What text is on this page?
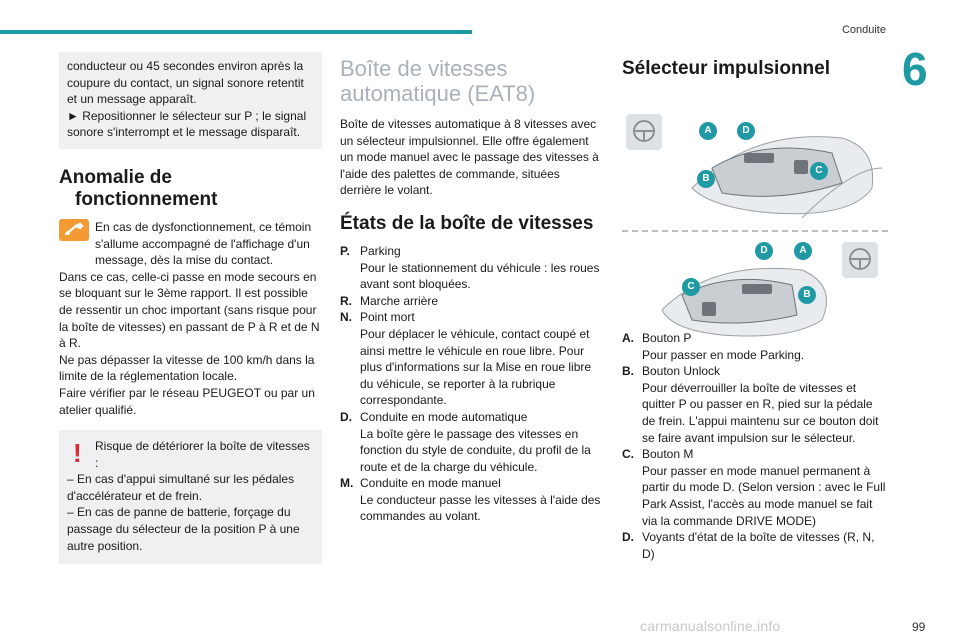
Conduite
6

conducteur ou 45 secondes environ après la coupure du contact, un signal sonore retentit et un message apparaît.

► Repositionner le sélecteur sur P ; le signal sonore s'interrompt et le message disparaît.

Anomalie de
fonctionnement

En cas de dysfonctionnement, ce témoin s'allume accompagné de l'affichage d'un message, dès la mise du contact.

Dans ce cas, celle-ci passe en mode secours en se bloquant sur le 3ème rapport. Il est possible de ressentir un choc important (sans risque pour la boîte de vitesses) en passant de P à R et de N à R.

Ne pas dépasser la vitesse de 100 km/h dans la limite de la réglementation locale.

Faire vérifier par le réseau PEUGEOT ou par un atelier qualifié.

!	Risque de détériorer la boîte de vitesses :

– En cas d'appui simultané sur les pédales d'accélérateur et de frein.

– En cas de panne de batterie, forçage du passage du sélecteur de la position P à une autre position.

Boîte de vitesses
automatique (EAT8)

Boîte de vitesses automatique à 8 vitesses avec un sélecteur impulsionnel. Elle offre également un mode manuel avec le passage des vitesses à l'aide des palettes de commande, situées derrière le volant.

États de la boîte de vitesses
P. Parking

Pour le stationnement du véhicule : les roues avant sont bloquées.

R. Marche arrière

N. Point mort

Pour déplacer le véhicule, contact coupé et ainsi mettre le véhicule en roue libre. Pour plus d'informations sur la Mise en roue libre du véhicule, se reporter à la rubrique correspondante.

D. Conduite en mode automatique

La boîte gère le passage des vitesses en fonction du style de conduite, du profil de la route et de la charge du véhicule.

M. Conduite en mode manuel

Le conducteur passe les vitesses à l'aide des commandes au volant.

Sélecteur impulsionnel
A	D
C
B
D	A
C
B
A. Bouton P

Pour passer en mode Parking.

B. Bouton Unlock

Pour déverrouiller la boîte de vitesses et quitter P ou passer en R, pied sur la pédale de frein. L'appui maintenu sur ce bouton doit se faire avant impulsion sur le sélecteur.

C. Bouton M

Pour passer en mode manuel permanent à partir du mode D. (Selon version : avec le Full Park Assist, l'accès au mode manuel se fait via la commande DRIVE MODE)

D. Voyants d'état de la boîte de vitesses (R, N, D)

carmanualsonline.info	99
